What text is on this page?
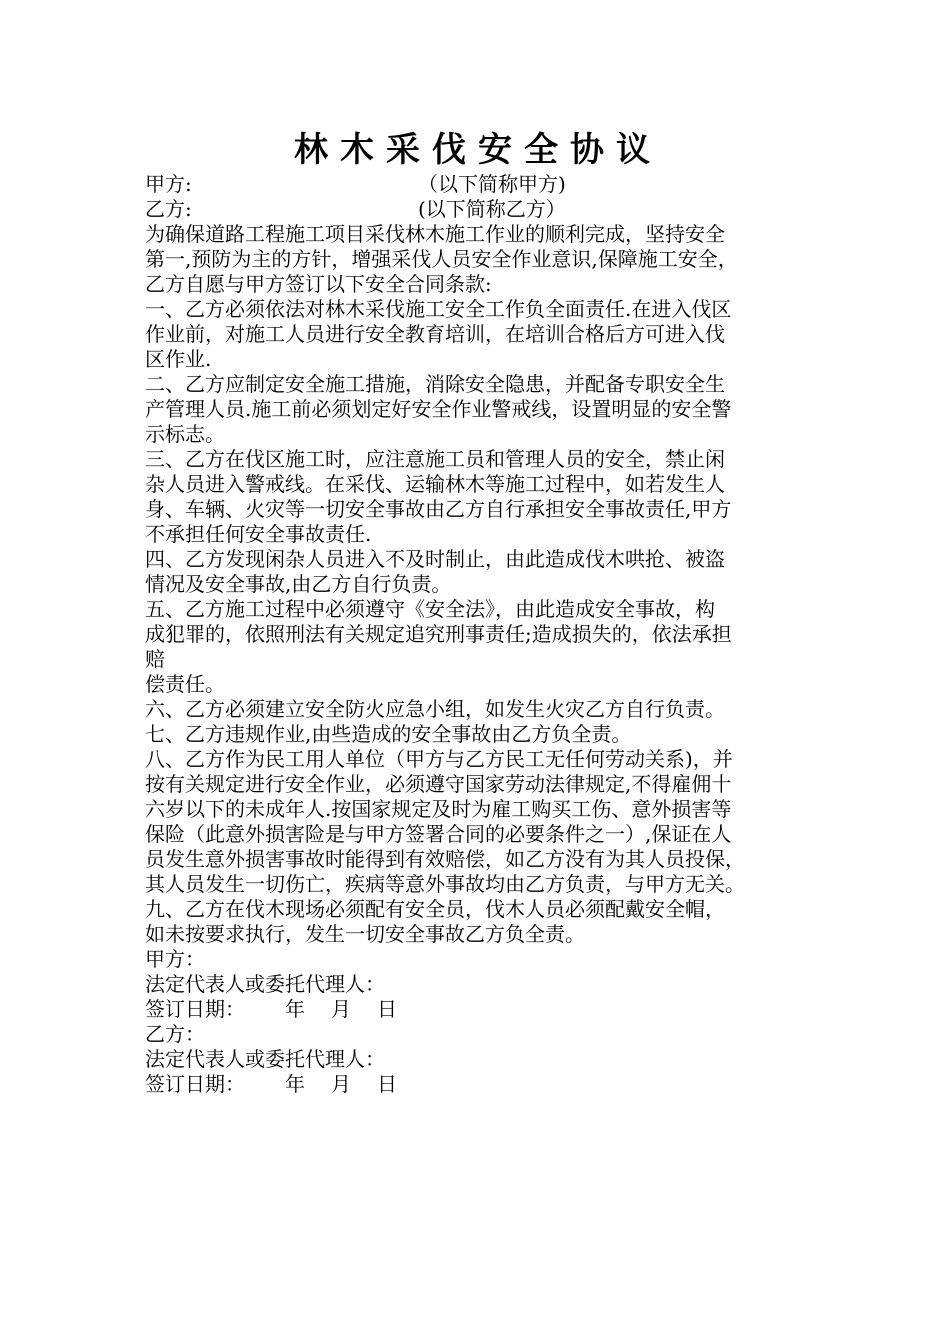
林木采伐安全协议
甲方:	（以下简称甲方)
乙方:	(以下简称乙方）
为确保道路工程施工项目采伐林木施工作业的顺利完成，坚持安全
第一,预防为主的方针，增强采伐人员安全作业意识,保障施工安全，
乙方自愿与甲方签订以下安全合同条款:
一、乙方必须依法对林木采伐施工安全工作负全面责任.在进入伐区
作业前，对施工人员进行安全教育培训，在培训合格后方可进入伐
区作业.
二、乙方应制定安全施工措施，消除安全隐患，并配备专职安全生
产管理人员.施工前必须划定好安全作业警戒线，设置明显的安全警
示标志。
三、乙方在伐区施工时，应注意施工员和管理人员的安全，禁止闲
杂人员进入警戒线。在采伐、运输林木等施工过程中，如若发生人
身、车辆、火灾等一切安全事故由乙方自行承担安全事故责任,甲方
不承担任何安全事故责任.
四、乙方发现闲杂人员进入不及时制止，由此造成伐木哄抢、被盗
情况及安全事故,由乙方自行负责。
五、乙方施工过程中必须遵守《安全法》，由此造成安全事故，构
成犯罪的，依照刑法有关规定追究刑事责任;造成损失的，依法承担
赔
偿责任。
六、乙方必须建立安全防火应急小组，如发生火灾乙方自行负责。
七、乙方违规作业,由些造成的安全事故由乙方负全责。
八、乙方作为民工用人单位（甲方与乙方民工无任何劳动关系)，并
按有关规定进行安全作业，必须遵守国家劳动法律规定,不得雇佣十
六岁以下的未成年人.按国家规定及时为雇工购买工伤、意外损害等
保险（此意外损害险是与甲方签署合同的必要条件之一）,保证在人
员发生意外损害事故时能得到有效赔偿，如乙方没有为其人员投保，
其人员发生一切伤亡，疾病等意外事故均由乙方负责，与甲方无关。
九、乙方在伐木现场必须配有安全员，伐木人员必须配戴安全帽，
如未按要求执行，发生一切安全事故乙方负全责。
甲方：
法定代表人或委托代理人：
签订日期： 年 月 日
乙方：
法定代表人或委托代理人：
签订日期： 年 月 日
